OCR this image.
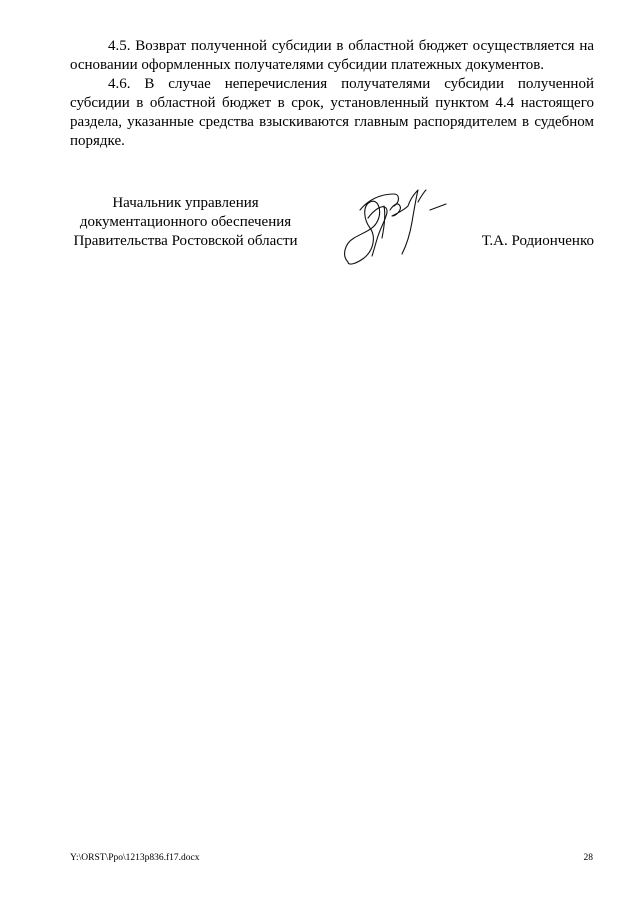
4.5. Возврат полученной субсидии в областной бюджет осуществляется на основании оформленных получателями субсидии платежных документов.

4.6. В случае неперечисления получателями субсидии полученной субсидии в областной бюджет в срок, установленный пунктом 4.4 настоящего раздела, указанные средства взыскиваются главным распорядителем в судебном порядке.

Начальник управления
документационного обеспечения
Правительства Ростовской области	Т.А. Родионченко
Y:\ORST\Ppo\1213p836.f17.docx	28
